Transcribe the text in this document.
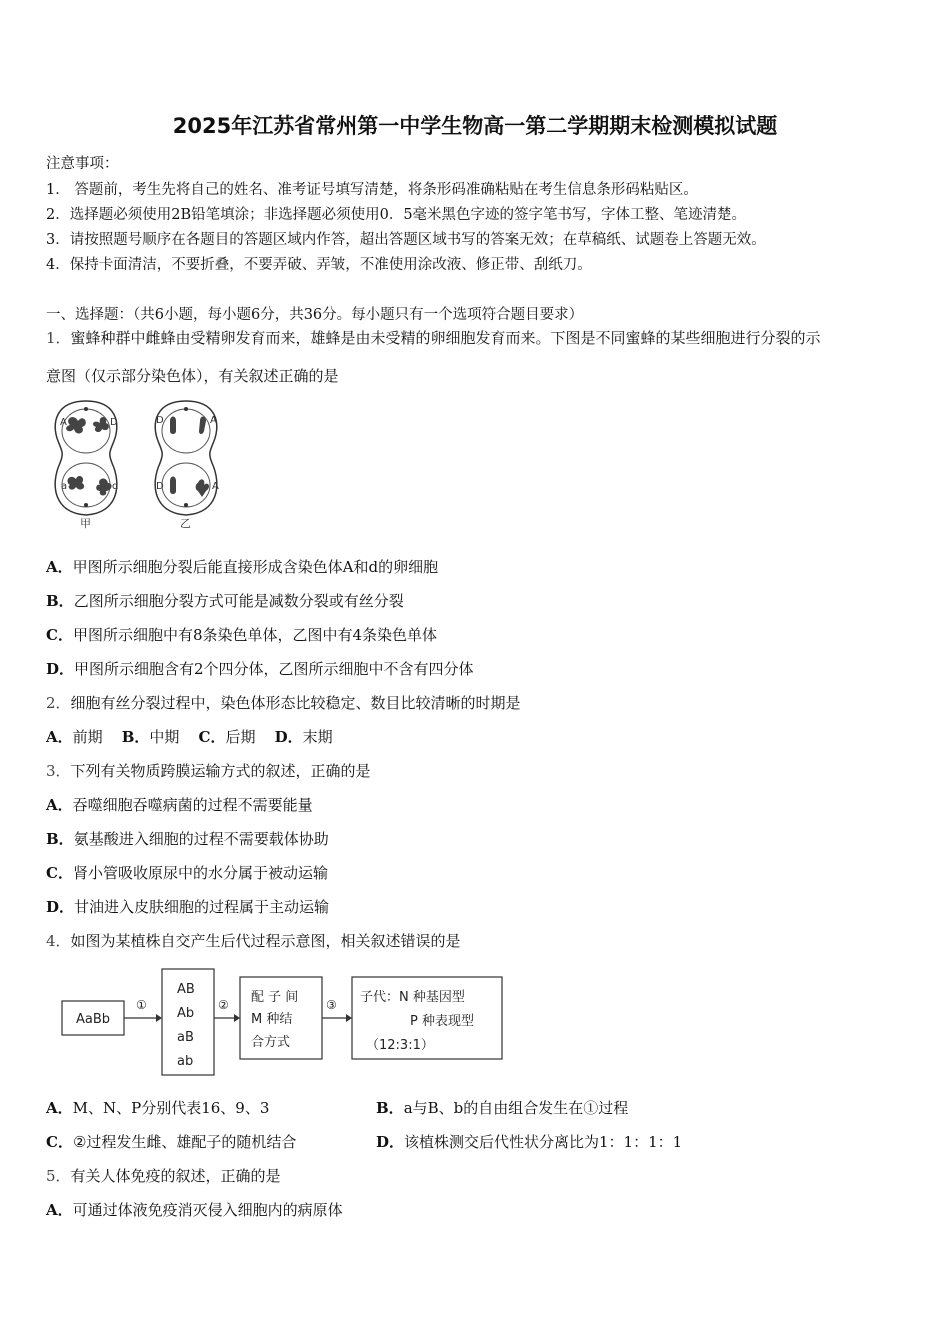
2025年江苏省常州第一中学生物高一第二学期期末检测模拟试题
注意事项：
1． 答题前，考生先将自己的姓名、准考证号填写清楚，将条形码准确粘贴在考生信息条形码粘贴区。
2．选择题必须使用2B铅笔填涂；非选择题必须使用0．5毫米黑色字迹的签字笔书写，字体工整、笔迹清楚。
3．请按照题号顺序在各题目的答题区域内作答，超出答题区域书写的答案无效；在草稿纸、试题卷上答题无效。
4．保持卡面清洁，不要折叠，不要弄破、弄皱，不准使用涂改液、修正带、刮纸刀。
一、选择题：（共6小题，每小题6分，共36分。每小题只有一个选项符合题目要求）
1．蜜蜂种群中雌蜂由受精卵发育而来，雄蜂是由未受精的卵细胞发育而来。下图是不同蜜蜂的某些细胞进行分裂的示
意图（仅示部分染色体），有关叙述正确的是
A	D
a	d
甲
D	A
D	A
乙
A．甲图所示细胞分裂后能直接形成含染色体A和d的卵细胞
B．乙图所示细胞分裂方式可能是减数分裂或有丝分裂
C．甲图所示细胞中有8条染色单体，乙图中有4条染色单体
D．甲图所示细胞含有2个四分体，乙图所示细胞中不含有四分体
2．细胞有丝分裂过程中，染色体形态比较稳定、数目比较清晰的时期是
A．前期 B．中期 C．后期 D．末期
3．下列有关物质跨膜运输方式的叙述，正确的是
A．吞噬细胞吞噬病菌的过程不需要能量
B．氨基酸进入细胞的过程不需要载体协助
C．肾小管吸收原尿中的水分属于被动运输
D．甘油进入皮肤细胞的过程属于主动运输
4．如图为某植株自交产生后代过程示意图，相关叙述错误的是
AaBb
①
AB
Ab
aB
ab
② 配 子 间
M 种结
合方式
③ 子代：N 种基因型
P 种表现型
（12:3:1）
A．M、N、P分别代表16、9、3	B．a与B、b的自由组合发生在①过程
C．②过程发生雌、雄配子的随机结合	D．该植株测交后代性状分离比为1：1：1：1
5．有关人体免疫的叙述，正确的是
A．可通过体液免疫消灭侵入细胞内的病原体
